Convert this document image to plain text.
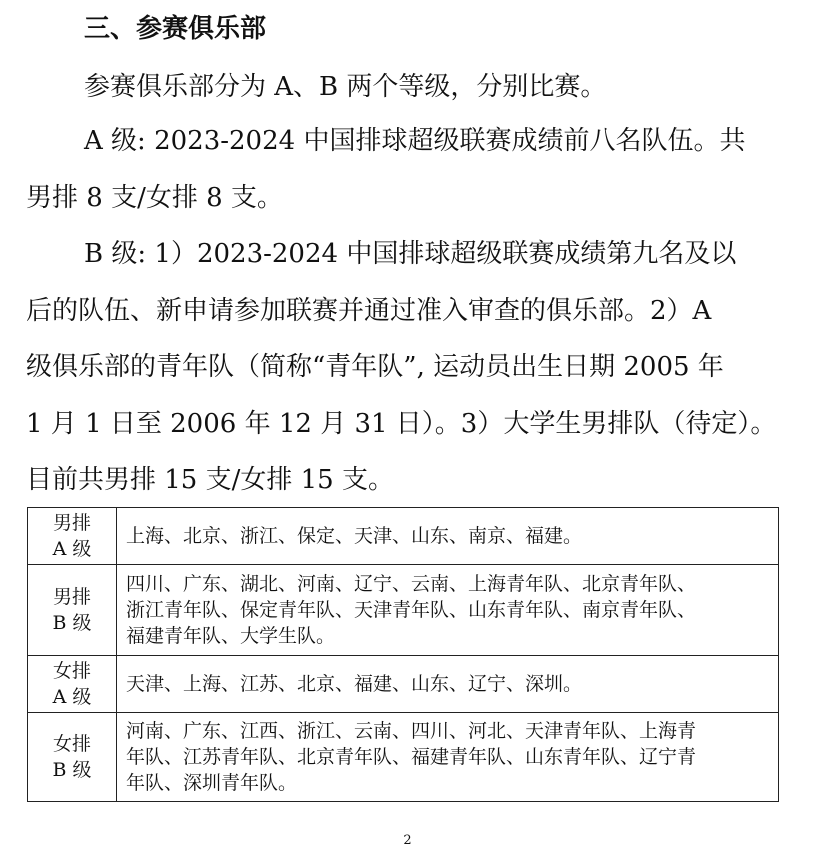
三、参赛俱乐部
参赛俱乐部分为 A、B 两个等级，分别比赛。
A 级: 2023-2024 中国排球超级联赛成绩前八名队伍。共
男排 8 支/女排 8 支。
B 级: 1）2023-2024 中国排球超级联赛成绩第九名及以
后的队伍、新申请参加联赛并通过准入审查的俱乐部。2）A
级俱乐部的青年队（简称“青年队”, 运动员出生日期 2005 年
1 月 1 日至 2006 年 12 月 31 日）。3）大学生男排队（待定）。
目前共男排 15 支/女排 15 支。
男排
A 级	上海、北京、浙江、保定、天津、山东、南京、福建。

男排
B 级	四川、广东、湖北、河南、辽宁、云南、上海青年队、北京青年队、
浙江青年队、保定青年队、天津青年队、山东青年队、南京青年队、
福建青年队、大学生队。

女排
A 级	天津、上海、江苏、北京、福建、山东、辽宁、深圳。

女排
B 级	河南、广东、江西、浙江、云南、四川、河北、天津青年队、上海青
年队、江苏青年队、北京青年队、福建青年队、山东青年队、辽宁青
年队、深圳青年队。
2
